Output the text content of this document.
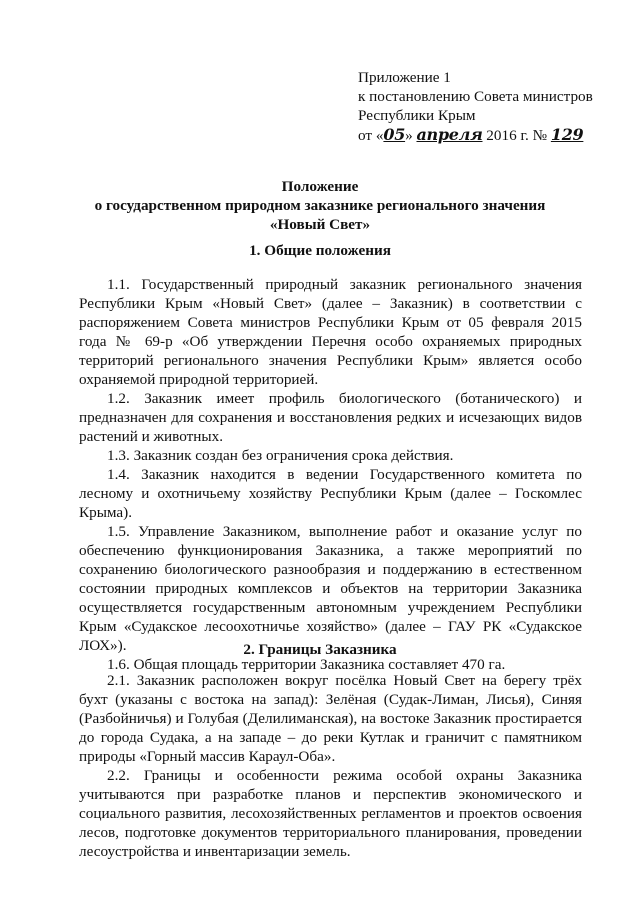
Приложение 1
к постановлению Совета министров
Республики Крым
от «05» апреля 2016 г. № 129
Положение
о государственном природном заказнике регионального значения
«Новый Свет»
1. Общие положения

1.1. Государственный природный заказник регионального значения Республики Крым «Новый Свет» (далее – Заказник) в соответствии с распоряжением Совета министров Республики Крым от 05 февраля 2015 года № 69-р «Об утверждении Перечня особо охраняемых природных территорий регионального значения Республики Крым» является особо охраняемой природной территорией.

1.2. Заказник имеет профиль биологического (ботанического) и предназначен для сохранения и восстановления редких и исчезающих видов растений и животных.

1.3. Заказник создан без ограничения срока действия.

1.4. Заказник находится в ведении Государственного комитета по лесному и охотничьему хозяйству Республики Крым (далее – Госкомлес Крыма).

1.5. Управление Заказником, выполнение работ и оказание услуг по обеспечению функционирования Заказника, а также мероприятий по сохранению биологического разнообразия и поддержанию в естественном состоянии природных комплексов и объектов на территории Заказника осуществляется государственным автономным учреждением Республики Крым «Судакское лесоохотничье хозяйство» (далее – ГАУ РК «Судакское ЛОХ»).

1.6. Общая площадь территории Заказника составляет 470 га.

2. Границы Заказника

2.1. Заказник расположен вокруг посёлка Новый Свет на берегу трёх бухт (указаны с востока на запад): Зелёная (Судак-Лиман, Лисья), Синяя (Разбойничья) и Голубая (Делилиманская), на востоке Заказник простирается до города Судака, а на западе – до реки Кутлак и граничит с памятником природы «Горный массив Караул-Оба».

2.2. Границы и особенности режима особой охраны Заказника учитываются при разработке планов и перспектив экономического и социального развития, лесохозяйственных регламентов и проектов освоения лесов, подготовке документов территориального планирования, проведении лесоустройства и инвентаризации земель.
